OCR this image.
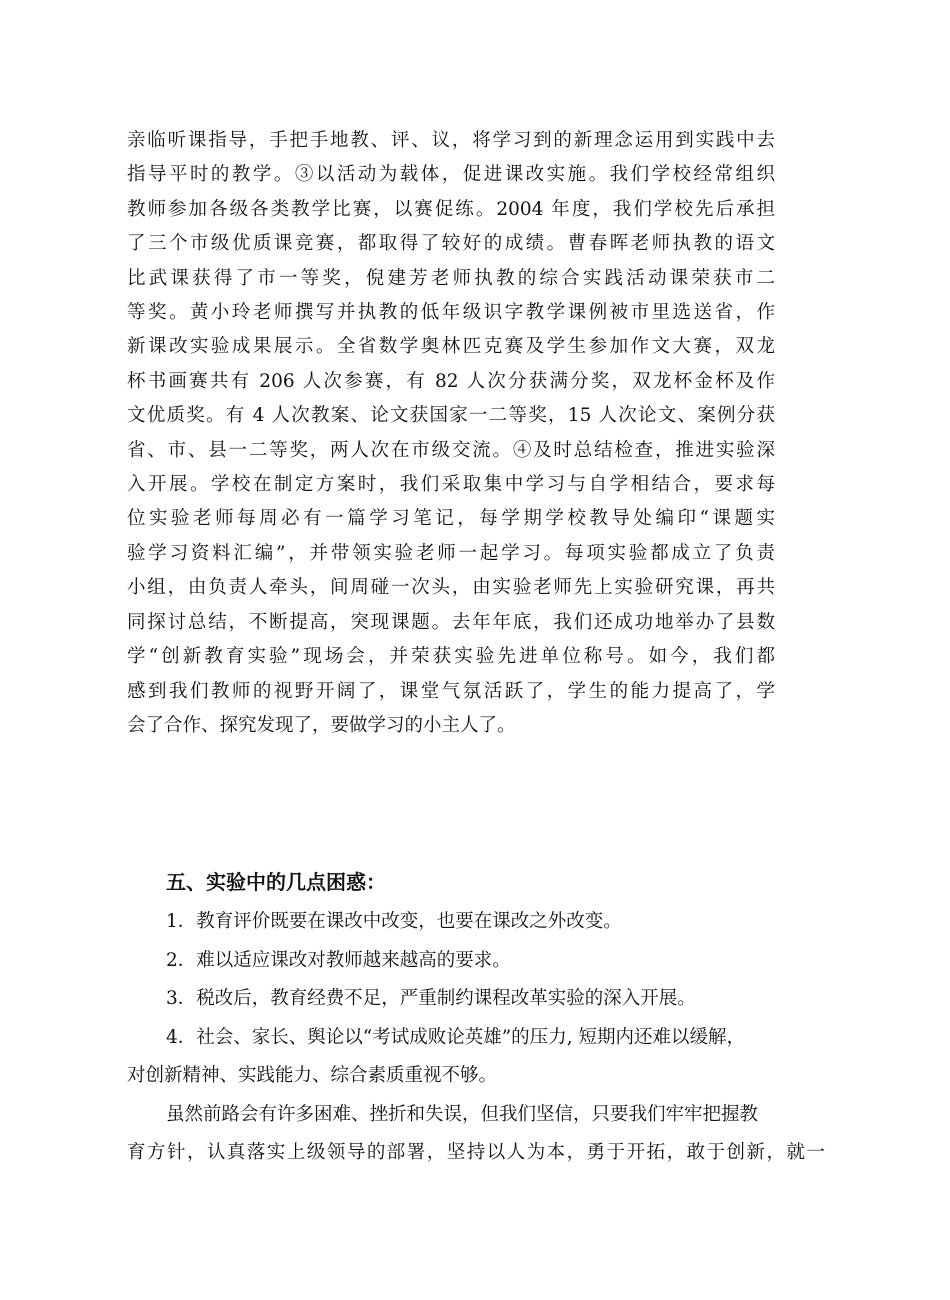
亲临听课指导，手把手地教、评、议，将学习到的新理念运用到实践中去
指导平时的教学。③以活动为载体，促进课改实施。我们学校经常组织
教师参加各级各类教学比赛，以赛促练。2004 年度，我们学校先后承担
了三个市级优质课竞赛，都取得了较好的成绩。曹春晖老师执教的语文
比武课获得了市一等奖，倪建芳老师执教的综合实践活动课荣获市二
等奖。黄小玲老师撰写并执教的低年级识字教学课例被市里选送省，作
新课改实验成果展示。全省数学奥林匹克赛及学生参加作文大赛，双龙
杯书画赛共有 206 人次参赛，有 82 人次分获满分奖，双龙杯金杯及作
文优质奖。有 4 人次教案、论文获国家一二等奖，15 人次论文、案例分获
省、市、县一二等奖，两人次在市级交流。④及时总结检查，推进实验深
入开展。学校在制定方案时，我们采取集中学习与自学相结合，要求每
位实验老师每周必有一篇学习笔记，每学期学校教导处编印“课题实
验学习资料汇编”，并带领实验老师一起学习。每项实验都成立了负责
小组，由负责人牵头，间周碰一次头，由实验老师先上实验研究课，再共
同探讨总结，不断提高，突现课题。去年年底，我们还成功地举办了县数
学“创新教育实验”现场会，并荣获实验先进单位称号。如今，我们都
感到我们教师的视野开阔了，课堂气氛活跃了，学生的能力提高了，学
会了合作、探究发现了，要做学习的小主人了。
五、实验中的几点困惑：
1．教育评价既要在课改中改变，也要在课改之外改变。
2．难以适应课改对教师越来越高的要求。
3．税改后，教育经费不足，严重制约课程改革实验的深入开展。
4．社会、家长、舆论以“考试成败论英雄”的压力, 短期内还难以缓解，
对创新精神、实践能力、综合素质重视不够。
虽然前路会有许多困难、挫折和失误，但我们坚信，只要我们牢牢把握教
育方针，认真落实上级领导的部署，坚持以人为本，勇于开拓，敢于创新，就一
